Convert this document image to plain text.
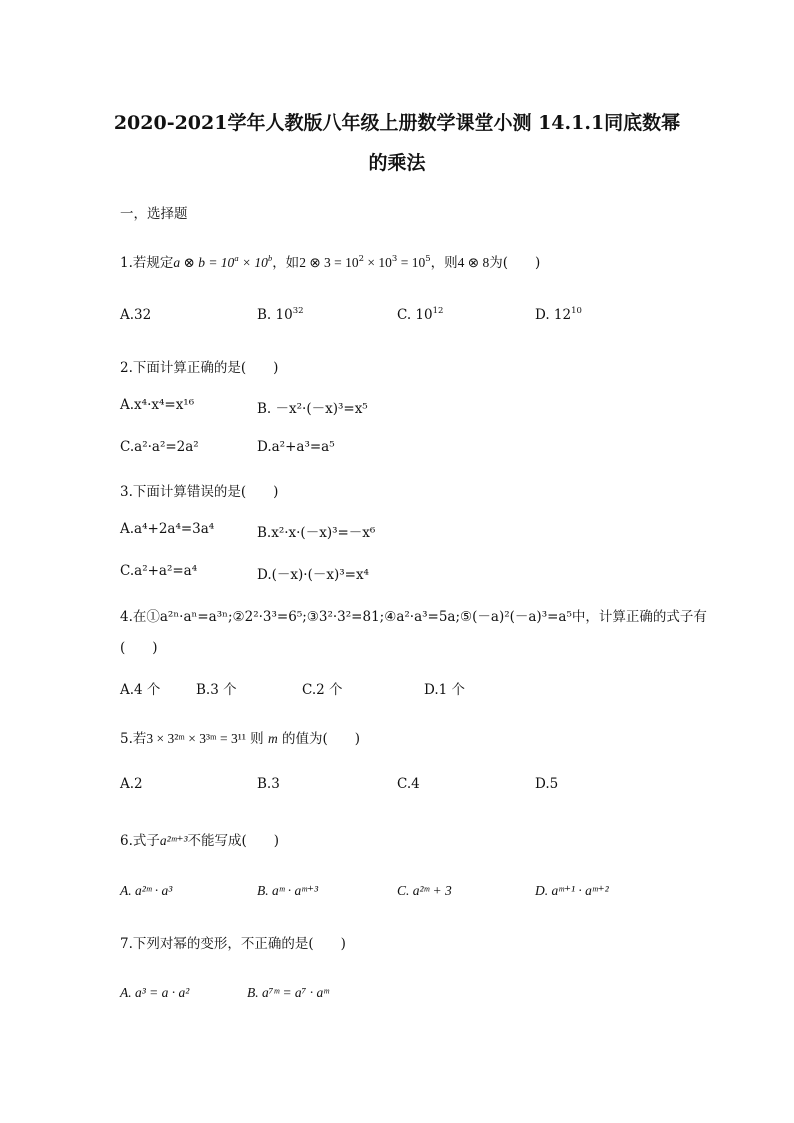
2020-2021学年人教版八年级上册数学课堂小测 14.1.1同底数幂
的乘法
一，选择题
1.若规定a ⊗ $b = 10^a \times 10^b$，如2 ⊗ $3 = 10^2 \times 10^3 = 10^5$，则4 ⊗ 8为(　　)
A.32	B. $10^{32}$	C. $10^{12}$	D. $12^{10}$
2.下面计算正确的是(　　)
A.x⁴·x⁴=x¹⁶	B. －x²·(－x)³=x⁵
C.a²·a²=2a²	D.a²+a³=a⁵
3.下面计算错误的是(　　)
A.a⁴+2a⁴=3a⁴	B.x²·x·(－x)³=－x⁶
C.a²+a²=a⁴	D.(－x)·(－x)³=x⁴
4.在①a²ⁿ·aⁿ=a³ⁿ;②2²·3³=6⁵;③3²·3²=81;④a²·a³=5a;⑤(－a)²(－a)³=a⁵中，计算正确的式子有
(　　)
A.4 个	B.3 个	C.2 个	D.1 个
5.若3 × 3²ᵐ × 3³ᵐ = 3¹¹ 则 m 的值为(　　)
A.2	B.3	C.4	D.5
6.式子a²ᵐ⁺³不能写成(　　)
A. a²ᵐ · a³	B. aᵐ · aᵐ⁺³	C. a²ᵐ + 3	D. aᵐ⁺¹ · aᵐ⁺²
7.下列对幂的变形，不正确的是(　　)
A. a³ = a · a²	B. a⁷ᵐ = a⁷ · aᵐ
